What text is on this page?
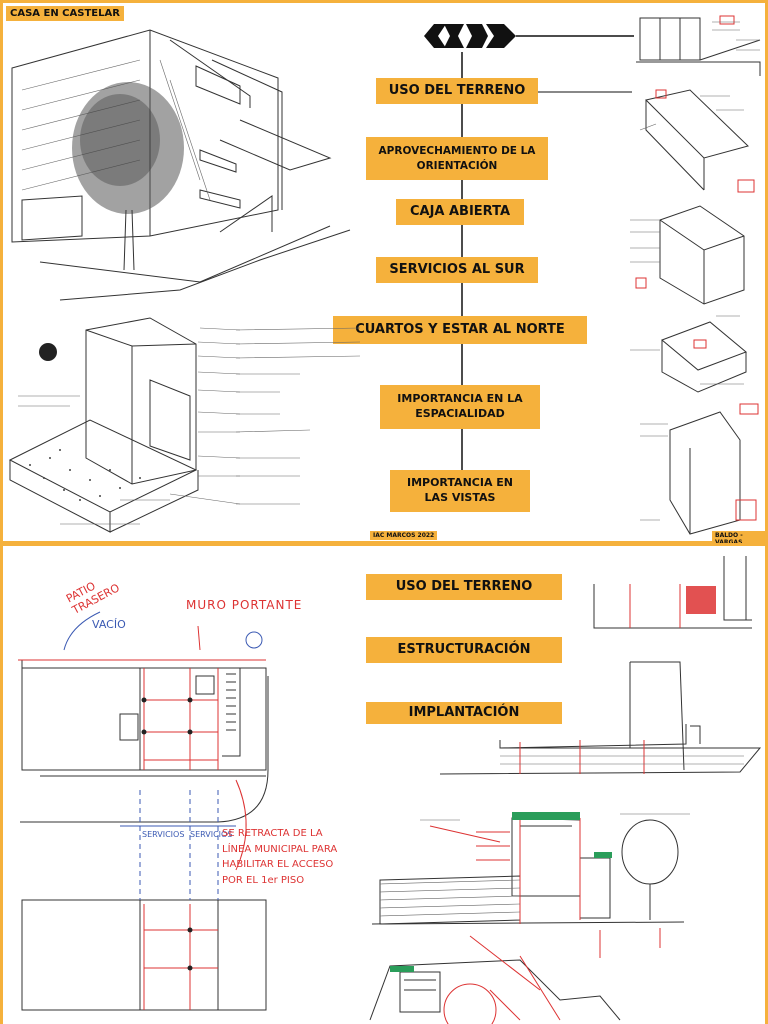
CASA EN CASTELAR
USO DEL TERRENO
APROVECHAMIENTO DE LA ORIENTACIÓN
CAJA ABIERTA
SERVICIOS AL SUR
CUARTOS Y ESTAR AL NORTE
IMPORTANCIA EN LA ESPACIALIDAD
IMPORTANCIA EN LAS VISTAS
IAC MARCOS 2022	BALDO -
USO DEL TERRENO
ESTRUCTURACIÓN
IMPLANTACIÓN
PATIO TRASERO
VACÍO
MURO PORTANTE
SERVICIOS SERVICIOS
SE RETRACTA DE LA LÍNEA MUNICIPAL PARA HABILITAR EL ACCESO POR EL 1er PISO
